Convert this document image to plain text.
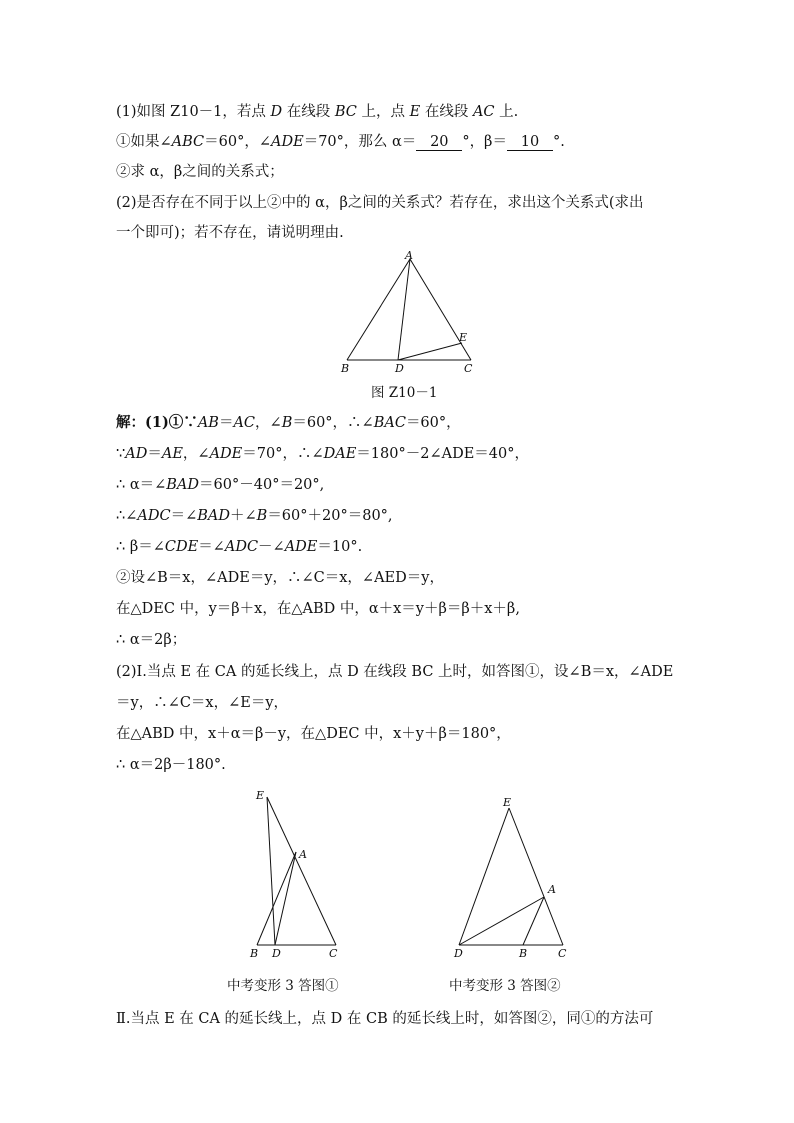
(1)如图 Z10－1，若点 D 在线段 BC 上，点 E 在线段 AC 上.
①如果∠ABC＝60°，∠ADE＝70°，那么 α＝ 20 °，β＝ 10 °.
②求 α，β之间的关系式；
(2)是否存在不同于以上②中的 α，β之间的关系式？若存在，求出这个关系式(求出
一个即可)；若不存在，请说明理由.
A
B	D	C
E
图 Z10－1
解：(1)①∵AB＝AC，∠B＝60°，∴∠BAC＝60°，
∵AD＝AE，∠ADE＝70°，∴∠DAE＝180°－2∠ADE＝40°，
∴ α＝∠BAD＝60°－40°＝20°,
∴∠ADC＝∠BAD＋∠B＝60°＋20°＝80°,
∴ β＝∠CDE＝∠ADC－∠ADE＝10°.
②设∠B＝x，∠ADE＝y，∴∠C＝x，∠AED＝y，
在△DEC 中，y＝β＋x，在△ABD 中，α＋x＝y＋β＝β＋x＋β,
∴ α＝2β；
(2)Ⅰ.当点 E 在 CA 的延长线上，点 D 在线段 BC 上时，如答图①，设∠B＝x，∠ADE
＝y，∴∠C＝x，∠E＝y，
在△ABD 中，x＋α＝β－y，在△DEC 中，x＋y＋β＝180°，
∴ α＝2β－180°.
E
A
B D	C
中考变形 3 答图①
E
A
D	B	C
中考变形 3 答图②
Ⅱ.当点 E 在 CA 的延长线上，点 D 在 CB 的延长线上时，如答图②，同①的方法可
